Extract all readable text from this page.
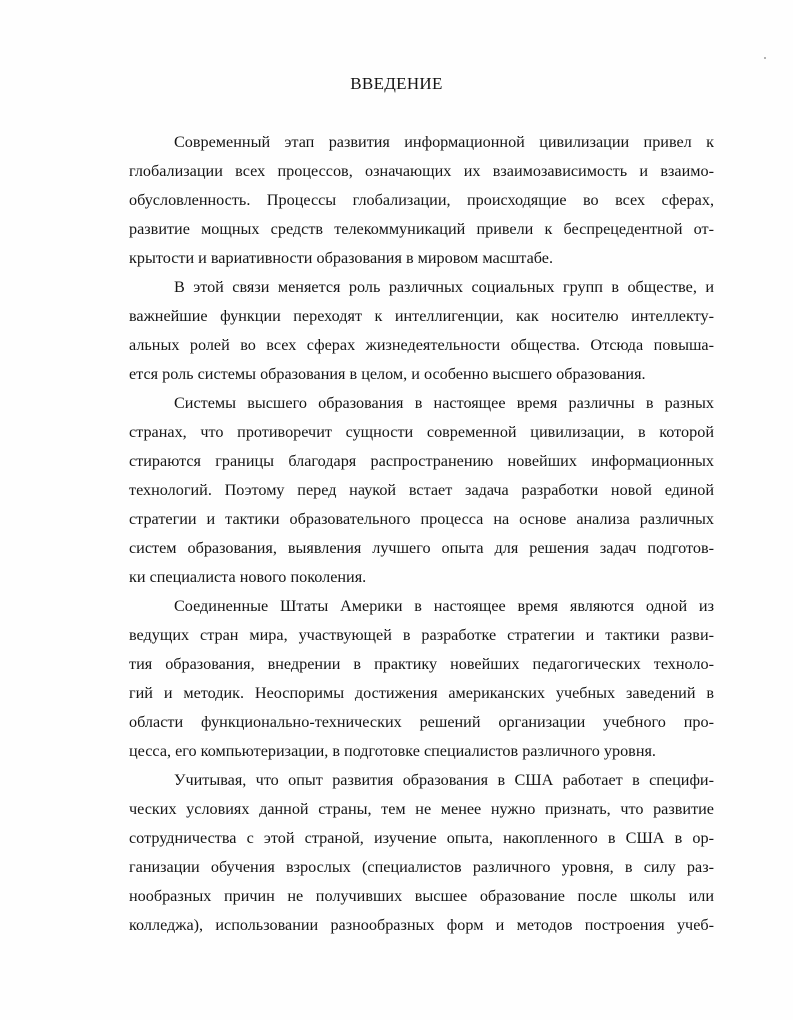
ВВЕДЕНИЕ
Современный этап развития информационной цивилизации привел к
глобализации всех процессов, означающих их взаимозависимость и взаимо-
обусловленность. Процессы глобализации, происходящие во всех сферах,
развитие мощных средств телекоммуникаций привели к беспрецедентной от-
крытости и вариативности образования в мировом масштабе.
В этой связи меняется роль различных социальных групп в обществе, и
важнейшие функции переходят к интеллигенции, как носителю интеллекту-
альных ролей во всех сферах жизнедеятельности общества. Отсюда повыша-
ется роль системы образования в целом, и особенно высшего образования.
Системы высшего образования в настоящее время различны в разных
странах, что противоречит сущности современной цивилизации, в которой
стираются границы благодаря распространению новейших информационных
технологий. Поэтому перед наукой встает задача разработки новой единой
стратегии и тактики образовательного процесса на основе анализа различных
систем образования, выявления лучшего опыта для решения задач подготов-
ки специалиста нового поколения.
Соединенные Штаты Америки в настоящее время являются одной из
ведущих стран мира, участвующей в разработке стратегии и тактики разви-
тия образования, внедрении в практику новейших педагогических техноло-
гий и методик. Неоспоримы достижения американских учебных заведений в
области функционально-технических решений организации учебного про-
цесса, его компьютеризации, в подготовке специалистов различного уровня.
Учитывая, что опыт развития образования в США работает в специфи-
ческих условиях данной страны, тем не менее нужно признать, что развитие
сотрудничества с этой страной, изучение опыта, накопленного в США в ор-
ганизации обучения взрослых (специалистов различного уровня, в силу раз-
нообразных причин не получивших высшее образование после школы или
колледжа), использовании разнообразных форм и методов построения учеб-
